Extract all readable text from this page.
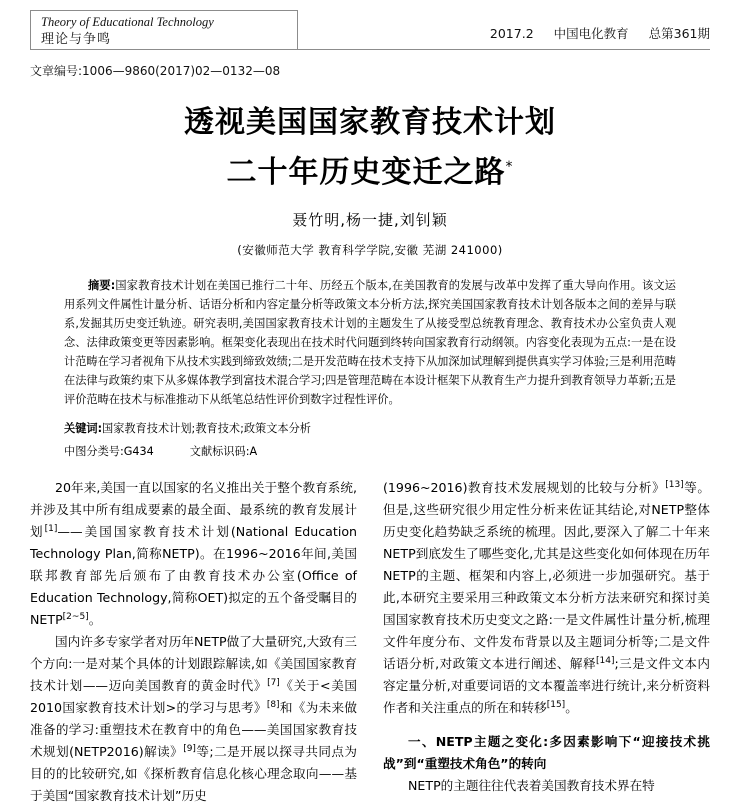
Theory of Educational Technology
理论与争鸣	2017.2 中国电化教育 总第361期
文章编号:1006—9860(2017)02—0132—08
透视美国国家教育技术计划
二十年历史变迁之路*
聂竹明,杨一捷,刘钊颖
(安徽师范大学 教育科学学院,安徽 芜湖 241000)
摘要:国家教育技术计划在美国已推行二十年、历经五个版本,在美国教育的发展与改革中发挥了重大导向作用。该文运用系列文件属性计量分析、话语分析和内容定量分析等政策文本分析方法,探究美国国家教育技术计划各版本之间的差异与联系,发掘其历史变迁轨迹。研究表明,美国国家教育技术计划的主题发生了从接受型总统教育理念、教育技术办公室负责人观念、法律政策变更等因素影响。框架变化表现出在技术时代问题到终转向国家教育行动纲领。内容变化表现为五点:一是在设计范畴在学习者视角下从技术实践到缔致效绩;二是开发范畴在技术支持下从加深加试理解到提供真实学习体验;三是利用范畴在法律与政策约束下从多媒体教学到富技术混合学习;四是管理范畴在本设计框架下从教育生产力提升到教育领导力革新;五是评价范畴在技术与标准推动下从纸笔总结性评价到数字过程性评价。
关键词:国家教育技术计划;教育技术;政策文本分析
中图分类号:G434	文献标识码:A

20年来,美国一直以国家的名义推出关于整个教育系统,并涉及其中所有组成要素的最全面、最系统的教育发展计划[1]——美国国家教育技术计划(National Education Technology Plan,简称NETP)。在1996~2016年间,美国联邦教育部先后颁布了由教育技术办公室(Office of Education Technology,简称OET)拟定的五个备受瞩目的NETP[2~5]。

国内许多专家学者对历年NETP做了大量研究,大致有三个方向:一是对某个具体的计划跟踪解读,如《美国国家教育技术计划——迈向美国教育的黄金时代》[7]《关于<美国2010国家教育技术计划>的学习与思考》[8]和《为未来做准备的学习:重塑技术在教育中的角色——美国国家教育技术规划(NETP2016)解读》[9]等;二是开展以探寻共同点为目的的比较研究,如《探析教育信息化核心理念取向——基于美国“国家教育技术计划”历史

(1996~2016)教育技术发展规划的比较与分析》[13]等。但是,这些研究很少用定性分析来佐证其结论,对NETP整体历史变化趋势缺乏系统的梳理。因此,要深入了解二十年来NETP到底发生了哪些变化,尤其是这些变化如何体现在历年NETP的主题、框架和内容上,必须进一步加强研究。基于此,本研究主要采用三种政策文本分析方法来研究和探讨美国国家教育技术历史变文之路:一是文件属性计量分析,梳理文件年度分布、文件发布背景以及主题词分析等;二是文件话语分析,对政策文本进行阐述、解释[14];三是文件文本内容定量分析,对重要词语的文本覆盖率进行统计,来分析资料作者和关注重点的所在和转移[15]。

一、NETP主题之变化:多因素影响下“迎接技术挑战”到“重塑技术角色”的转向

NETP的主题往往代表着美国教育技术界在特
